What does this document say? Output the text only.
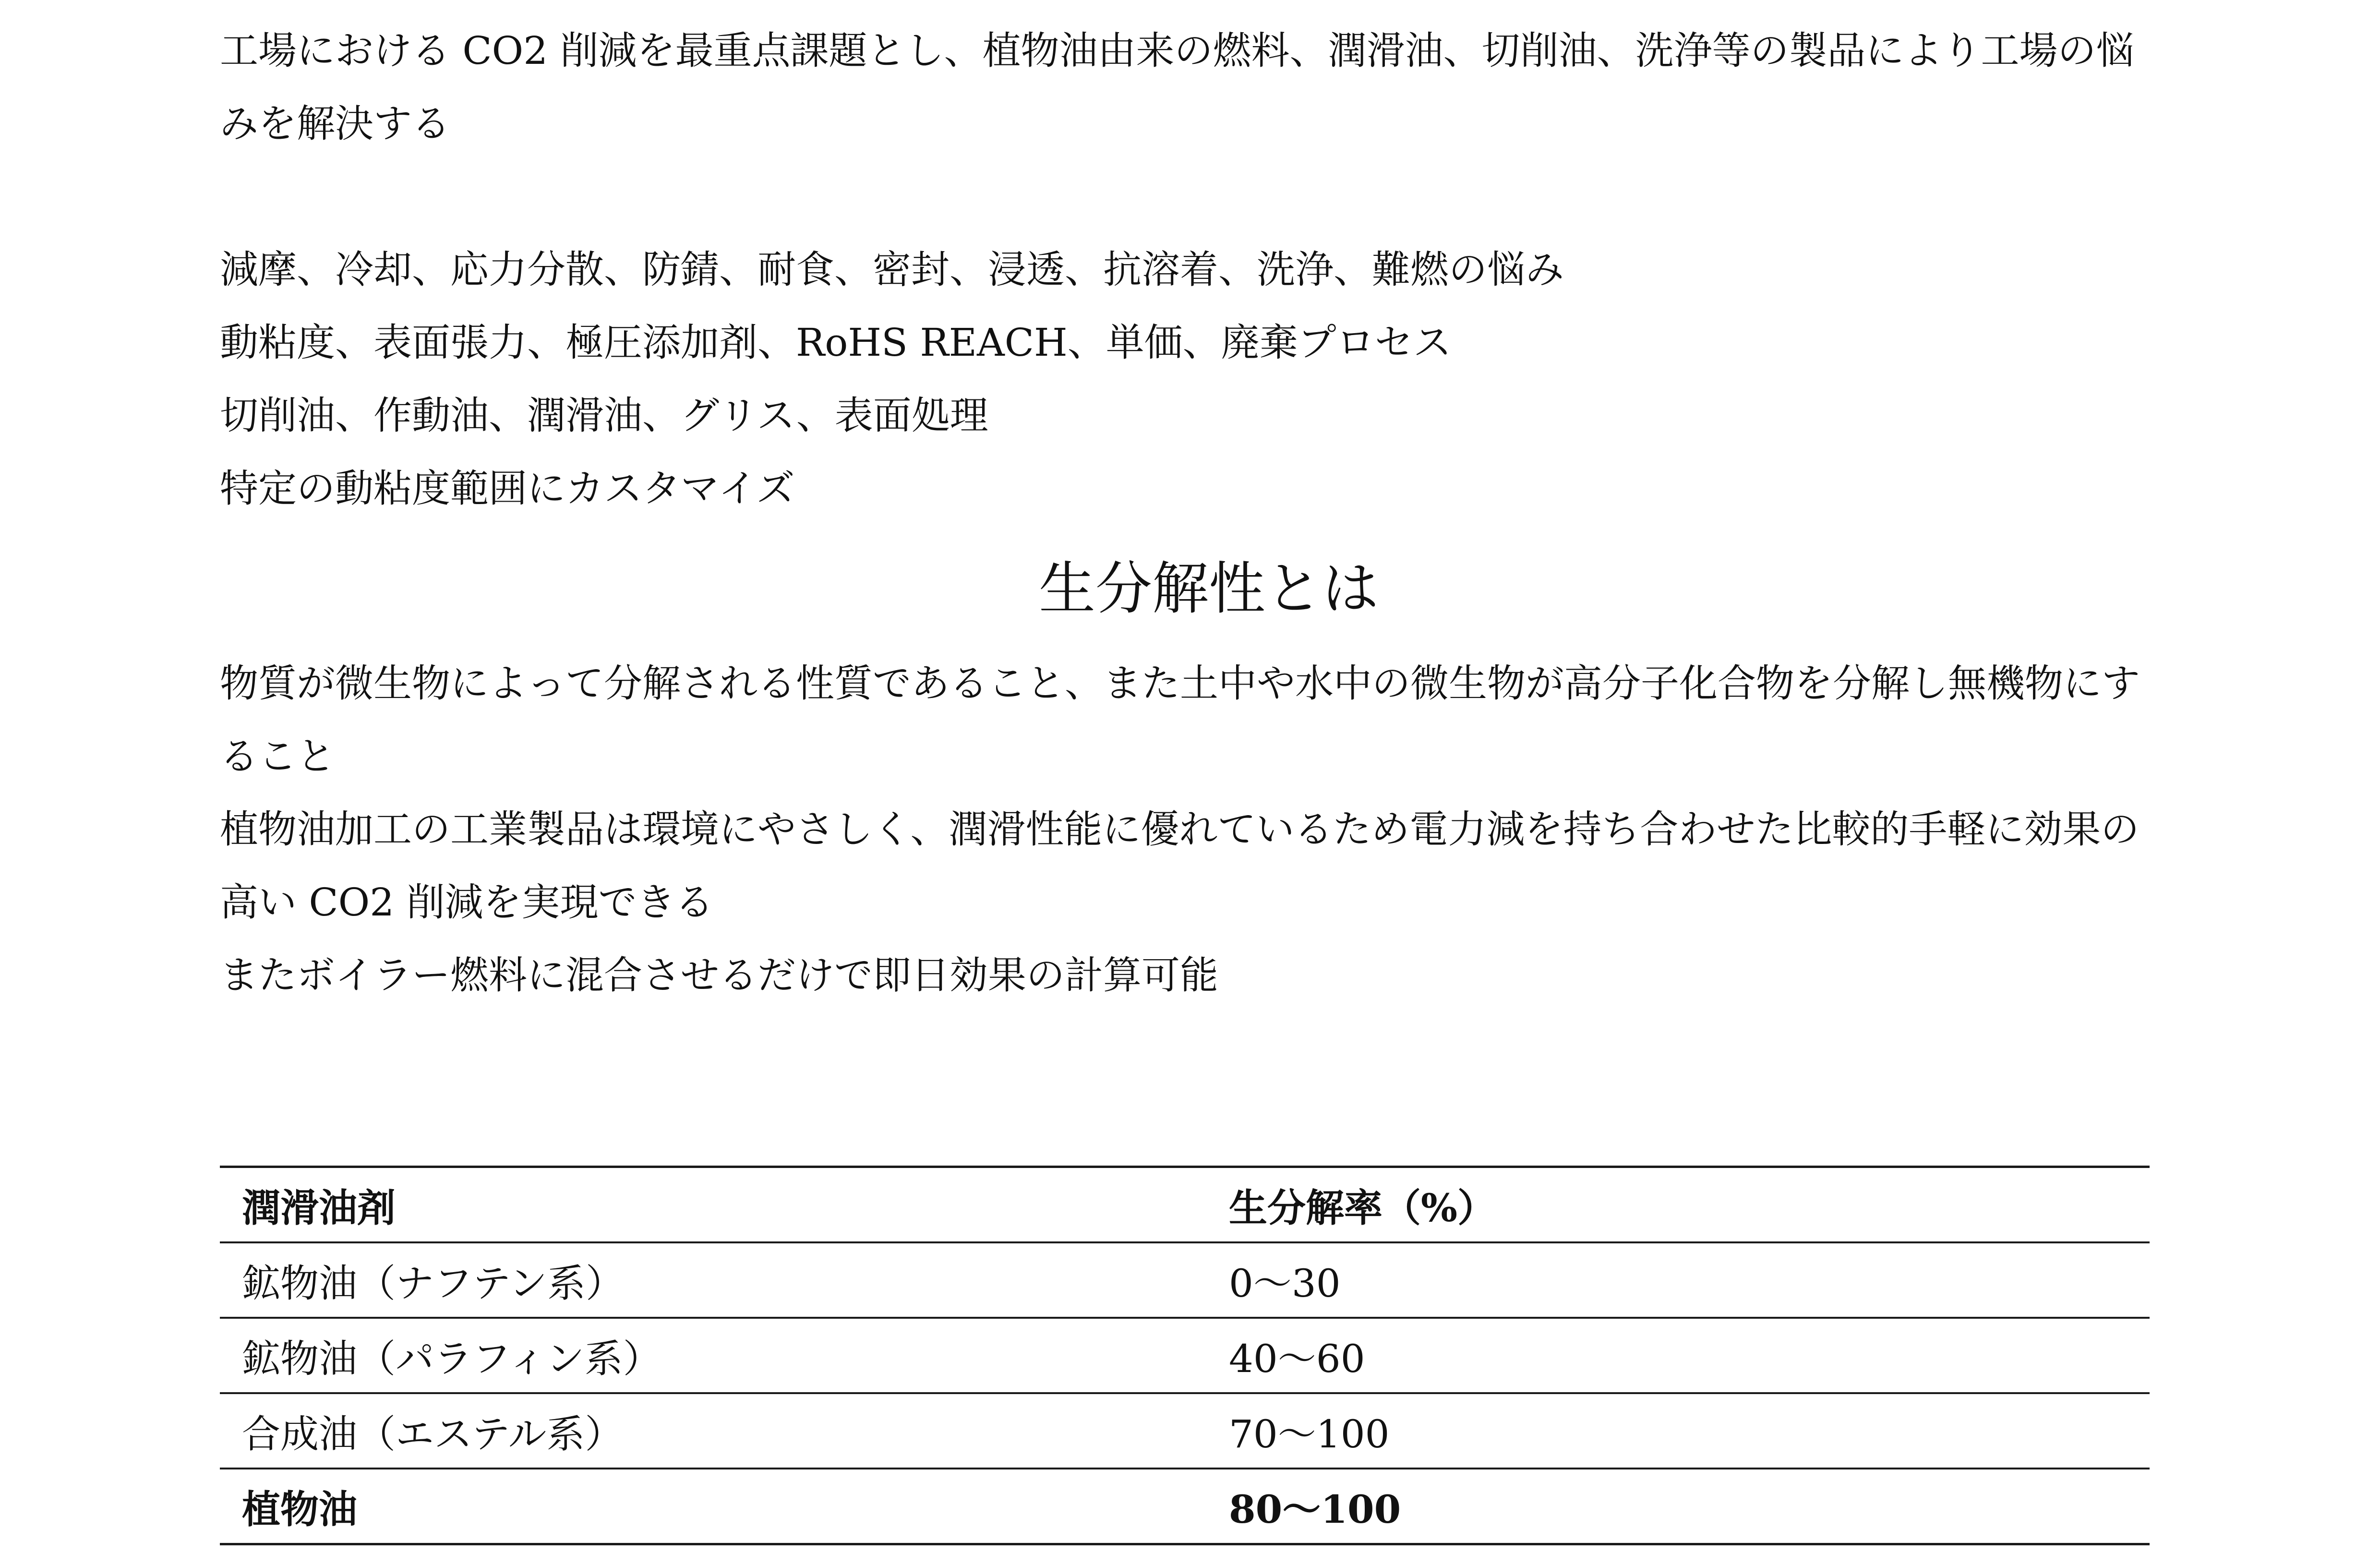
工場における CO2 削減を最重点課題とし、植物油由来の燃料、潤滑油、切削油、洗浄等の製品により工場の悩みを解決する

減摩、冷却、応力分散、防錆、耐食、密封、浸透、抗溶着、洗浄、難燃の悩み
動粘度、表面張力、極圧添加剤、RoHS REACH、単価、廃棄プロセス
切削油、作動油、潤滑油、グリス、表面処理
特定の動粘度範囲にカスタマイズ
生分解性とは
物質が微生物によって分解される性質であること、また土中や水中の微生物が高分子化合物を分解し無機物にすること
植物油加工の工業製品は環境にやさしく、潤滑性能に優れているため電力減を持ち合わせた比較的手軽に効果の高い CO2 削減を実現できる
またボイラー燃料に混合させるだけで即日効果の計算可能
潤滑油剤	生分解率（%）
鉱物油（ナフテン系）	0〜30
鉱物油（パラフィン系）	40〜60
合成油（エステル系）	70〜100
植物油	80〜100
